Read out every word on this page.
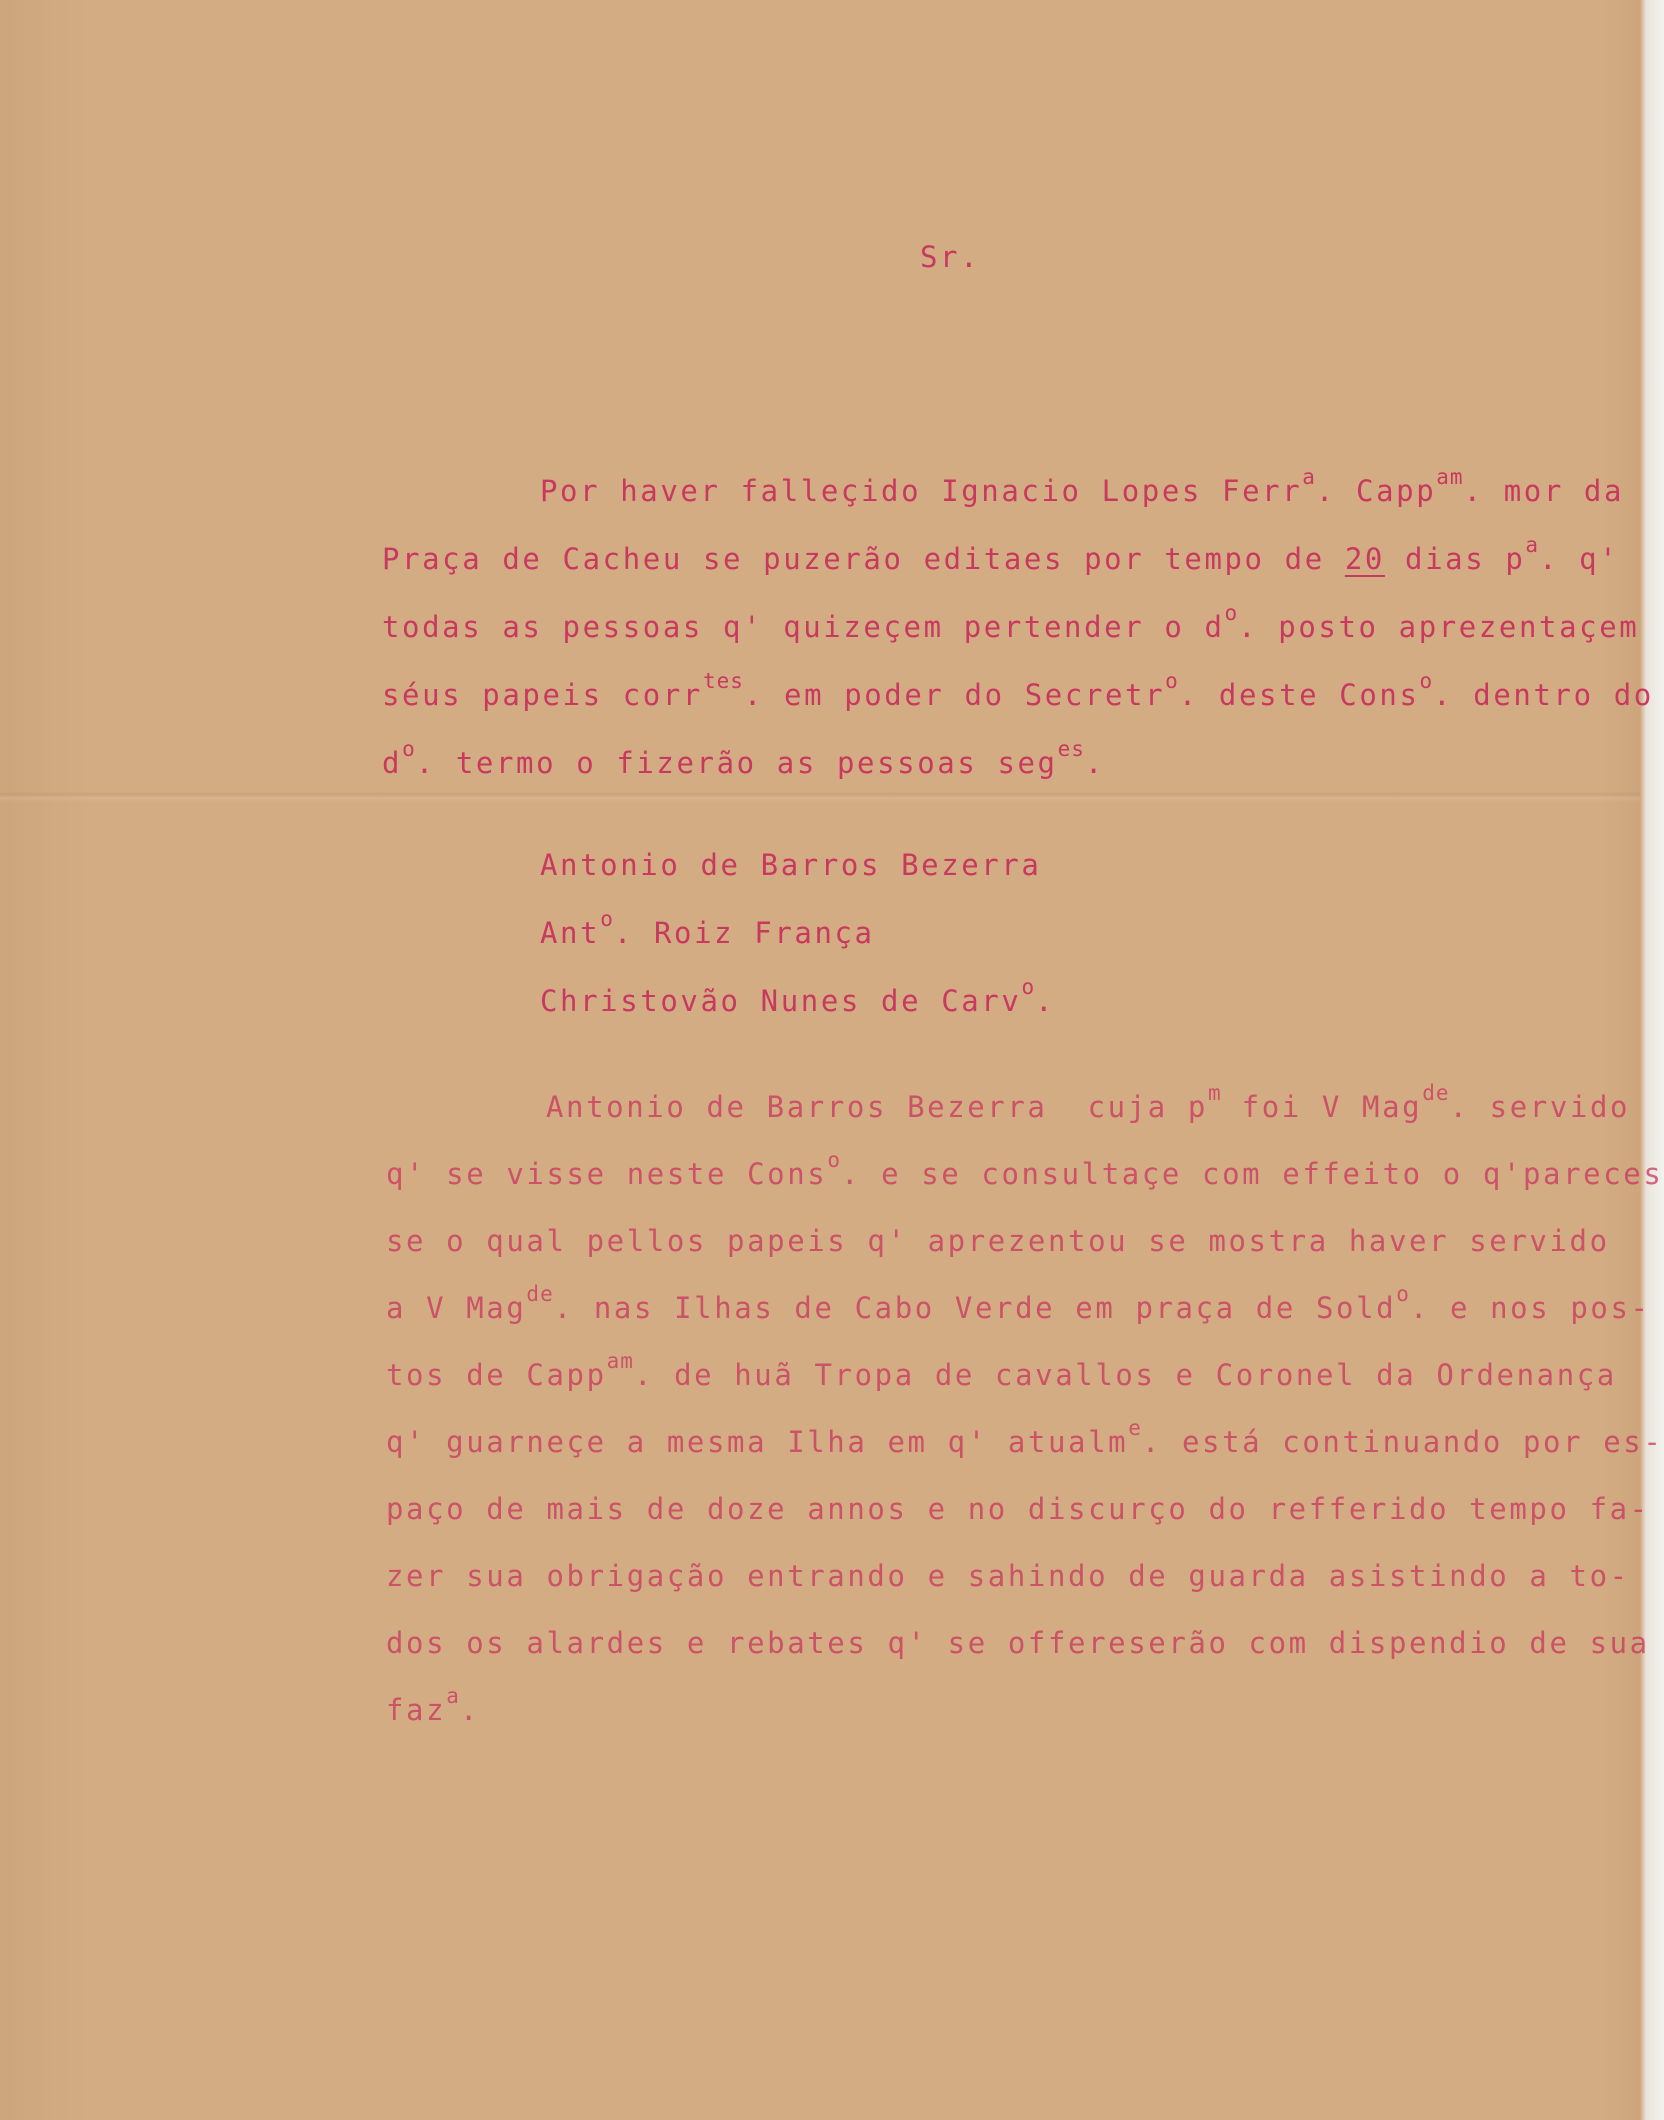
Sr.
Por haver falleçido Ignacio Lopes Ferr$^a$. Capp$^{am}$. mor da
Praça de Cacheu se puzerão editaes por tempo de 20 dias $p^a$. q'
todas as pessoas q' quizeçem pertender o $d^o$. posto aprezentaçem
séus papeis corr$^{tes}$. em poder do Secretr$^o$. deste Cons$^o$. dentro do
$d^o$. termo o fizerão as pessoas seg$^{es}$.
Antonio de Barros Bezerra
Ant$^o$. Roiz França
Christovão Nunes de Carv$^o$.
Antonio de Barros Bezerra  cuja $p^m$ foi V Mag$^{de}$. servido
q' se visse neste Cons$^o$. e se consultaçe com effeito o q'pareces
se o qual pellos papeis q' aprezentou se mostra haver servido
a V Mag$^{de}$. nas Ilhas de Cabo Verde em praça de Sold$^o$. e nos pos-
tos de Capp$^{am}$. de huã Tropa de cavallos e Coronel da Ordenança
q' guarneçe a mesma Ilha em q' atualm$^e$. está continuando por es-
paço de mais de doze annos e no discurço do refferido tempo fa-
zer sua obrigação entrando e sahindo de guarda asistindo a to-
dos os alardes e rebates q' se offereserão com dispendio de sua
faz$^a$.
